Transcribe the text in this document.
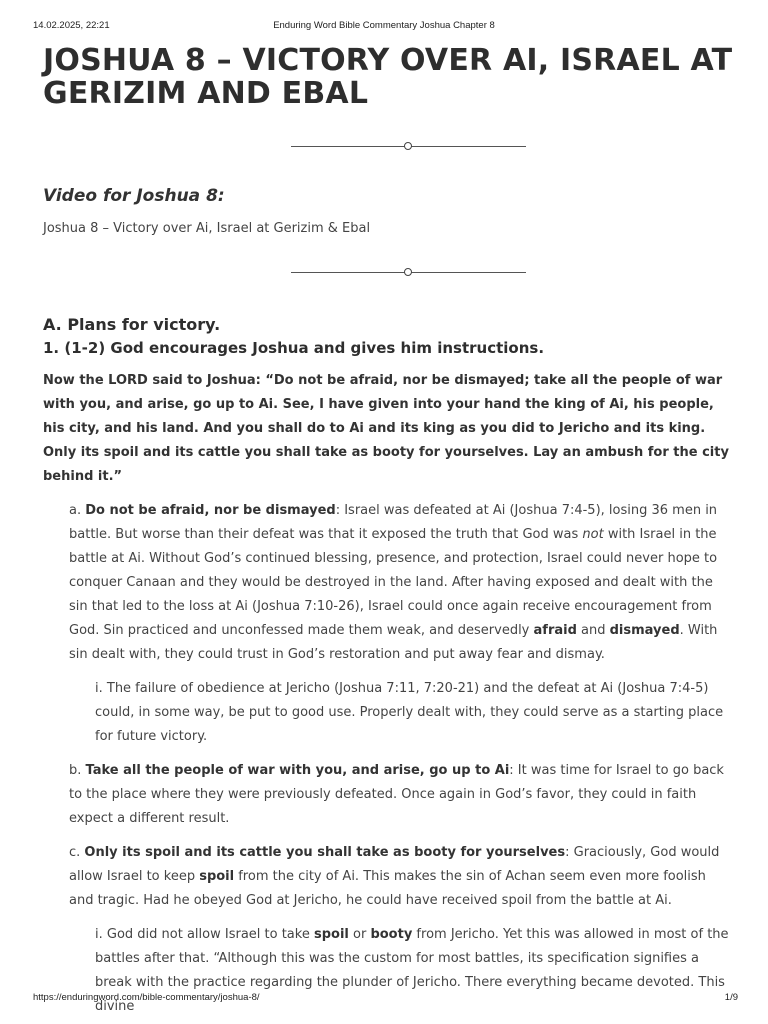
14.02.2025, 22:21	Enduring Word Bible Commentary Joshua Chapter 8
JOSHUA 8 – VICTORY OVER AI, ISRAEL AT GERIZIM AND EBAL
Video for Joshua 8:
Joshua 8 – Victory over Ai, Israel at Gerizim & Ebal
A. Plans for victory.
1. (1-2) God encourages Joshua and gives him instructions.

Now the LORD said to Joshua: “Do not be afraid, nor be dismayed; take all the people of war with you, and arise, go up to Ai. See, I have given into your hand the king of Ai, his people, his city, and his land. And you shall do to Ai and its king as you did to Jericho and its king. Only its spoil and its cattle you shall take as booty for yourselves. Lay an ambush for the city behind it.”

a. Do not be afraid, nor be dismayed: Israel was defeated at Ai (Joshua 7:4-5), losing 36 men in battle. But worse than their defeat was that it exposed the truth that God was not with Israel in the battle at Ai. Without God’s continued blessing, presence, and protection, Israel could never hope to conquer Canaan and they would be destroyed in the land. After having exposed and dealt with the sin that led to the loss at Ai (Joshua 7:10-26), Israel could once again receive encouragement from God. Sin practiced and unconfessed made them weak, and deservedly afraid and dismayed. With sin dealt with, they could trust in God’s restoration and put away fear and dismay.

i. The failure of obedience at Jericho (Joshua 7:11, 7:20-21) and the defeat at Ai (Joshua 7:4-5) could, in some way, be put to good use. Properly dealt with, they could serve as a starting place for future victory.

b. Take all the people of war with you, and arise, go up to Ai: It was time for Israel to go back to the place where they were previously defeated. Once again in God’s favor, they could in faith expect a different result.

c. Only its spoil and its cattle you shall take as booty for yourselves: Graciously, God would allow Israel to keep spoil from the city of Ai. This makes the sin of Achan seem even more foolish and tragic. Had he obeyed God at Jericho, he could have received spoil from the battle at Ai.

i. God did not allow Israel to take spoil or booty from Jericho. Yet this was allowed in most of the battles after that. “Although this was the custom for most battles, its specification signifies a break with the practice regarding the plunder of Jericho. There everything became devoted. This divine

https://enduringword.com/bible-commentary/joshua-8/	1/9
